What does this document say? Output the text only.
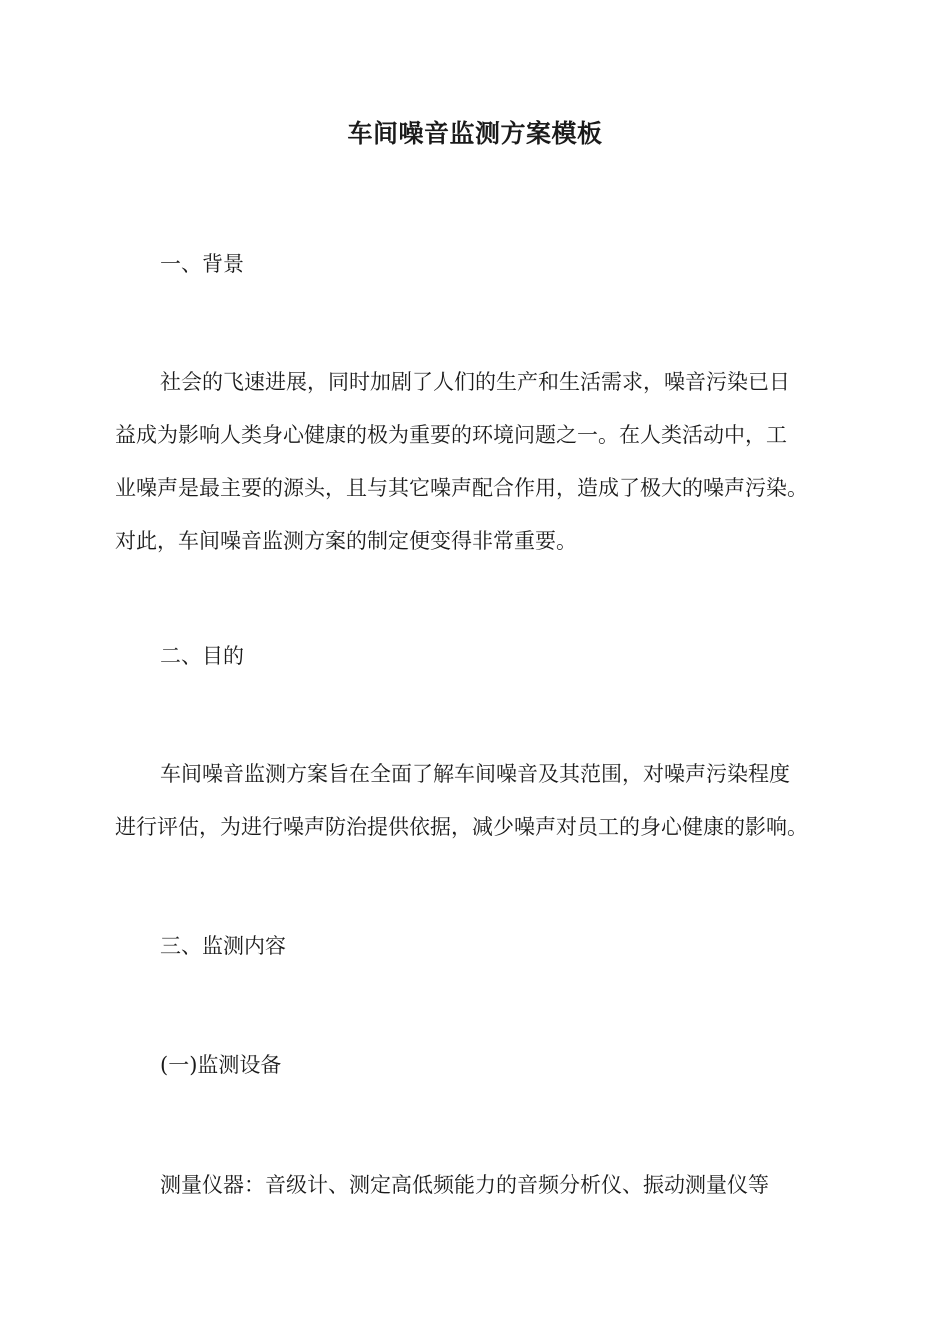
车间噪音监测方案模板
一、背景
社会的飞速进展，同时加剧了人们的生产和生活需求，噪音污染已日
益成为影响人类身心健康的极为重要的环境问题之一。在人类活动中，工
业噪声是最主要的源头，且与其它噪声配合作用，造成了极大的噪声污染。
对此，车间噪音监测方案的制定便变得非常重要。
二、目的
车间噪音监测方案旨在全面了解车间噪音及其范围，对噪声污染程度
进行评估，为进行噪声防治提供依据，减少噪声对员工的身心健康的影响。
三、监测内容
(一)监测设备
测量仪器：音级计、测定高低频能力的音频分析仪、振动测量仪等
